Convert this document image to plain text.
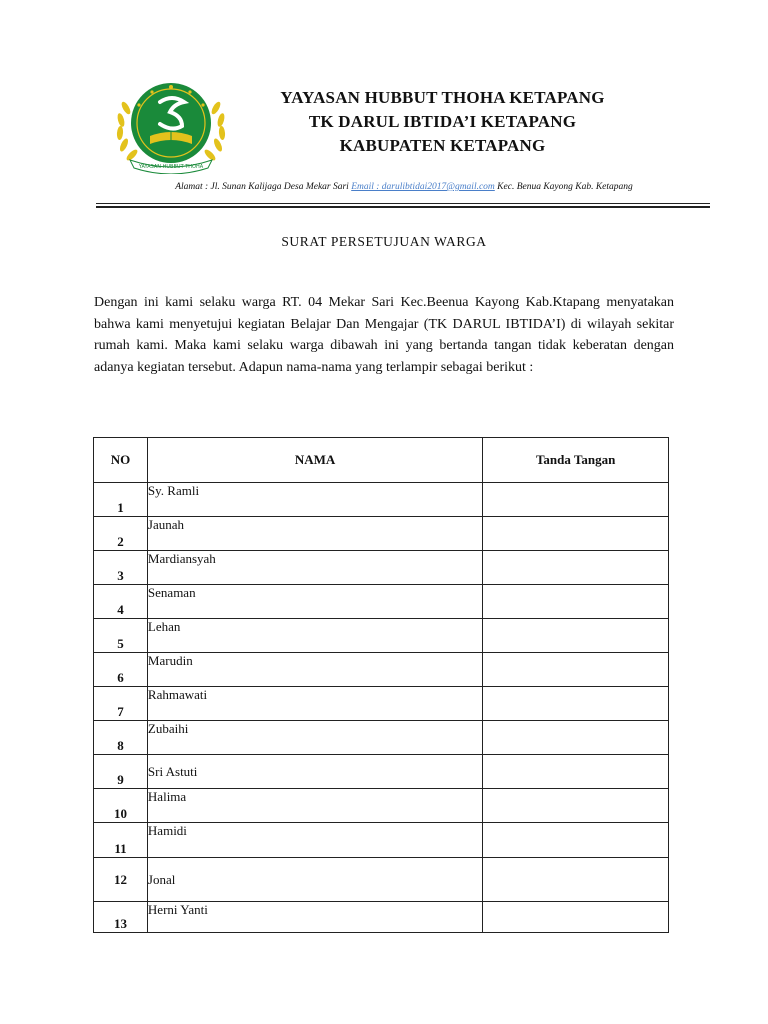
YAYASAN HUBBUT THOHA
YAYASAN HUBBUT THOHA KETAPANG
TK DARUL IBTIDA’I KETAPANG
KABUPATEN KETAPANG
Alamat : Jl. Sunan Kalijaga Desa Mekar Sari Email : darulibtidai2017@gmail.com Kec. Benua Kayong Kab. Ketapang
SURAT PERSETUJUAN WARGA
Dengan ini kami selaku warga RT. 04 Mekar Sari Kec.Beenua Kayong Kab.Ktapang menyatakan bahwa kami menyetujui kegiatan Belajar Dan Mengajar (TK DARUL IBTIDA’I) di wilayah sekitar rumah kami. Maka kami selaku warga dibawah ini yang bertanda tangan tidak keberatan dengan adanya kegiatan tersebut. Adapun nama-nama yang terlampir sebagai berikut :
NO	NAMA	Tanda Tangan
1	Sy. Ramli	
2	Jaunah	
3	Mardiansyah	
4	Senaman	
5	Lehan	
6	Marudin	
7	Rahmawati	
8	Zubaihi	
9	Sri Astuti	
10	Halima	
11	Hamidi	
12	Jonal	
13	Herni Yanti	
